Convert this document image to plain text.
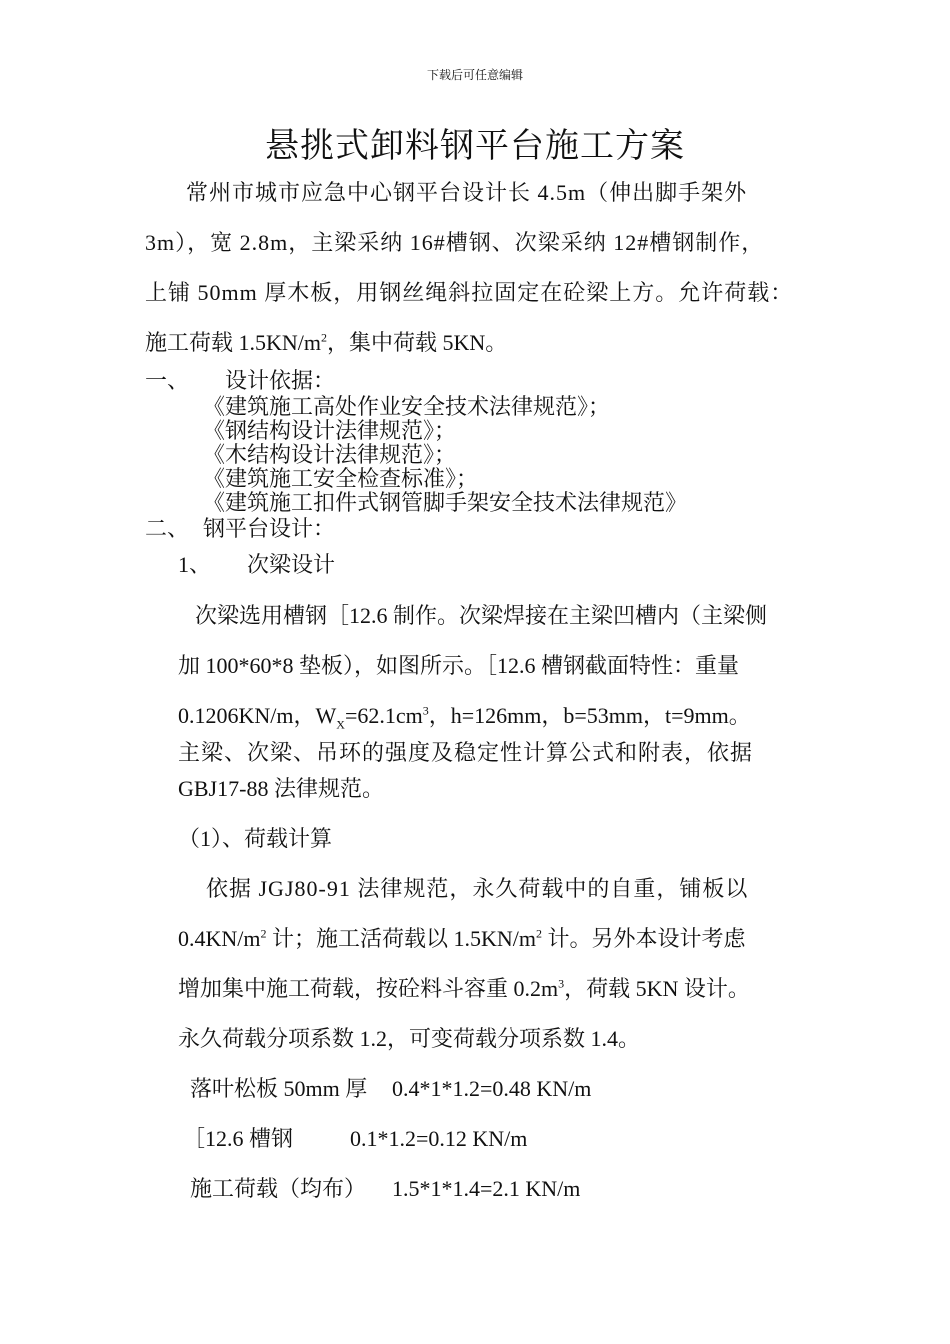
下载后可任意编辑
悬挑式卸料钢平台施工方案
常州市城市应急中心钢平台设计长 4.5m（伸出脚手架外
3m），宽 2.8m，主梁采纳 16#槽钢、次梁采纳 12#槽钢制作，
上铺 50mm 厚木板，用钢丝绳斜拉固定在砼梁上方。允许荷载：
施工荷载 $1.5KN/m^2$，集中荷载 5KN。
一、 设计依据：
《建筑施工高处作业安全技术法律规范》；
《钢结构设计法律规范》；
《木结构设计法律规范》；
《建筑施工安全检查标准》；
《建筑施工扣件式钢管脚手架安全技术法律规范》
二、 钢平台设计：
1、 次梁设计
次梁选用槽钢［12.6 制作。次梁焊接在主梁凹槽内（主梁侧
加 100*60*8 垫板），如图所示。［12.6 槽钢截面特性：重量
0.1206KN/m，$W_X=62.1cm^3$，h=126mm，b=53mm，t=9mm。
主梁、次梁、吊环的强度及稳定性计算公式和附表，依据
GBJ17-88 法律规范。
（1）、荷载计算
依据 JGJ80-91 法律规范，永久荷载中的自重，铺板以
$0.4KN/m^2$ 计；施工活荷载以 $1.5KN/m^2$ 计。另外本设计考虑
增加集中施工荷载，按砼料斗容重 $0.2m^3$，荷载 5KN 设计。
永久荷载分项系数 1.2，可变荷载分项系数 1.4。
落叶松板 50mm 厚 0.4*1*1.2=0.48 KN/m
［12.6 槽钢	0.1*1.2=0.12 KN/m
施工荷载（均布） 1.5*1*1.4=2.1 KN/m
